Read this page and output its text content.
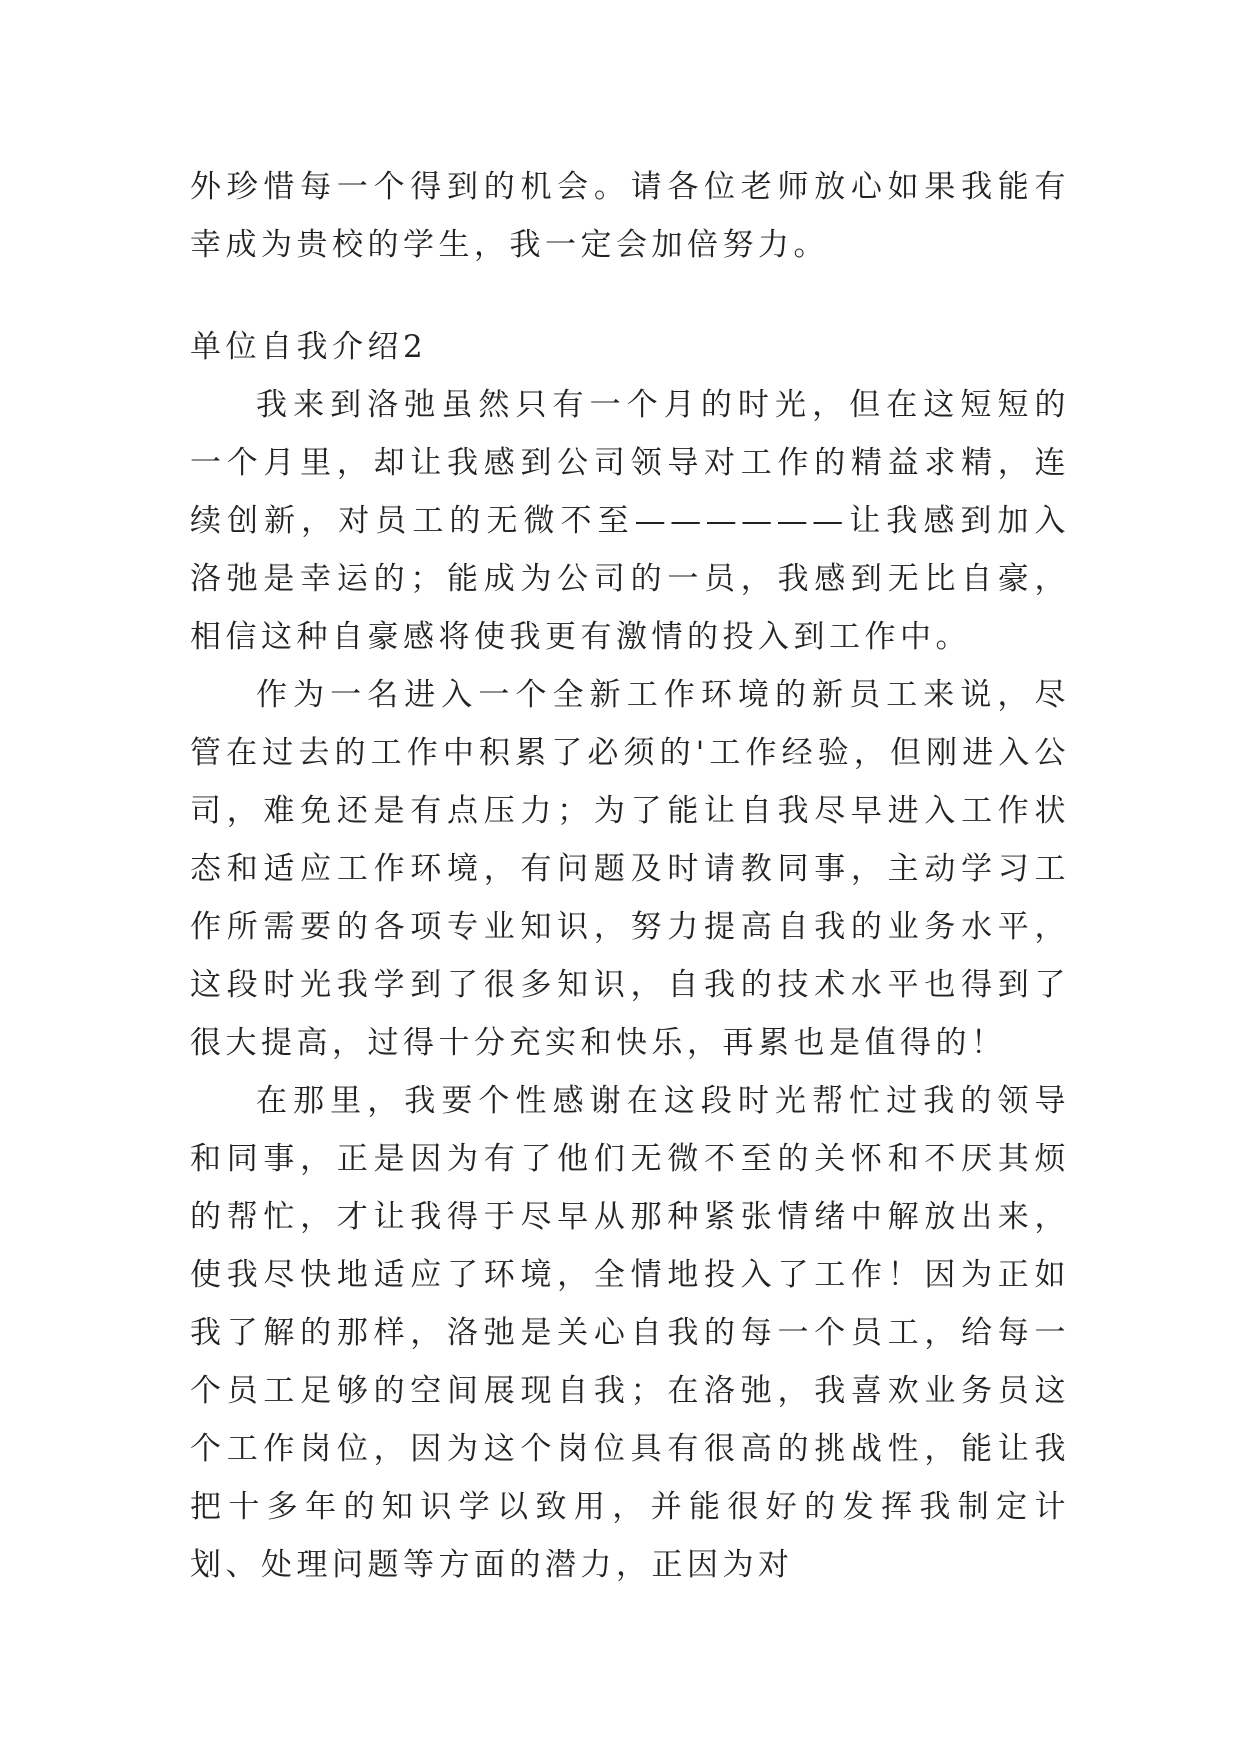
外珍惜每一个得到的机会。请各位老师放心如果我能有幸成为贵校的学生，我一定会加倍努力。

单位自我介绍2

我来到洛弛虽然只有一个月的时光，但在这短短的一个月里，却让我感到公司领导对工作的精益求精，连续创新，对员工的无微不至——————让我感到加入洛弛是幸运的；能成为公司的一员，我感到无比自豪，相信这种自豪感将使我更有激情的投入到工作中。

作为一名进入一个全新工作环境的新员工来说，尽管在过去的工作中积累了必须的'工作经验，但刚进入公司，难免还是有点压力；为了能让自我尽早进入工作状态和适应工作环境，有问题及时请教同事，主动学习工作所需要的各项专业知识，努力提高自我的业务水平，这段时光我学到了很多知识，自我的技术水平也得到了很大提高，过得十分充实和快乐，再累也是值得的！

在那里，我要个性感谢在这段时光帮忙过我的领导和同事，正是因为有了他们无微不至的关怀和不厌其烦的帮忙，才让我得于尽早从那种紧张情绪中解放出来，使我尽快地适应了环境，全情地投入了工作！因为正如我了解的那样，洛弛是关心自我的每一个员工，给每一个员工足够的空间展现自我；在洛弛，我喜欢业务员这个工作岗位，因为这个岗位具有很高的挑战性，能让我把十多年的知识学以致用，并能很好的发挥我制定计划、处理问题等方面的潜力，正因为对
